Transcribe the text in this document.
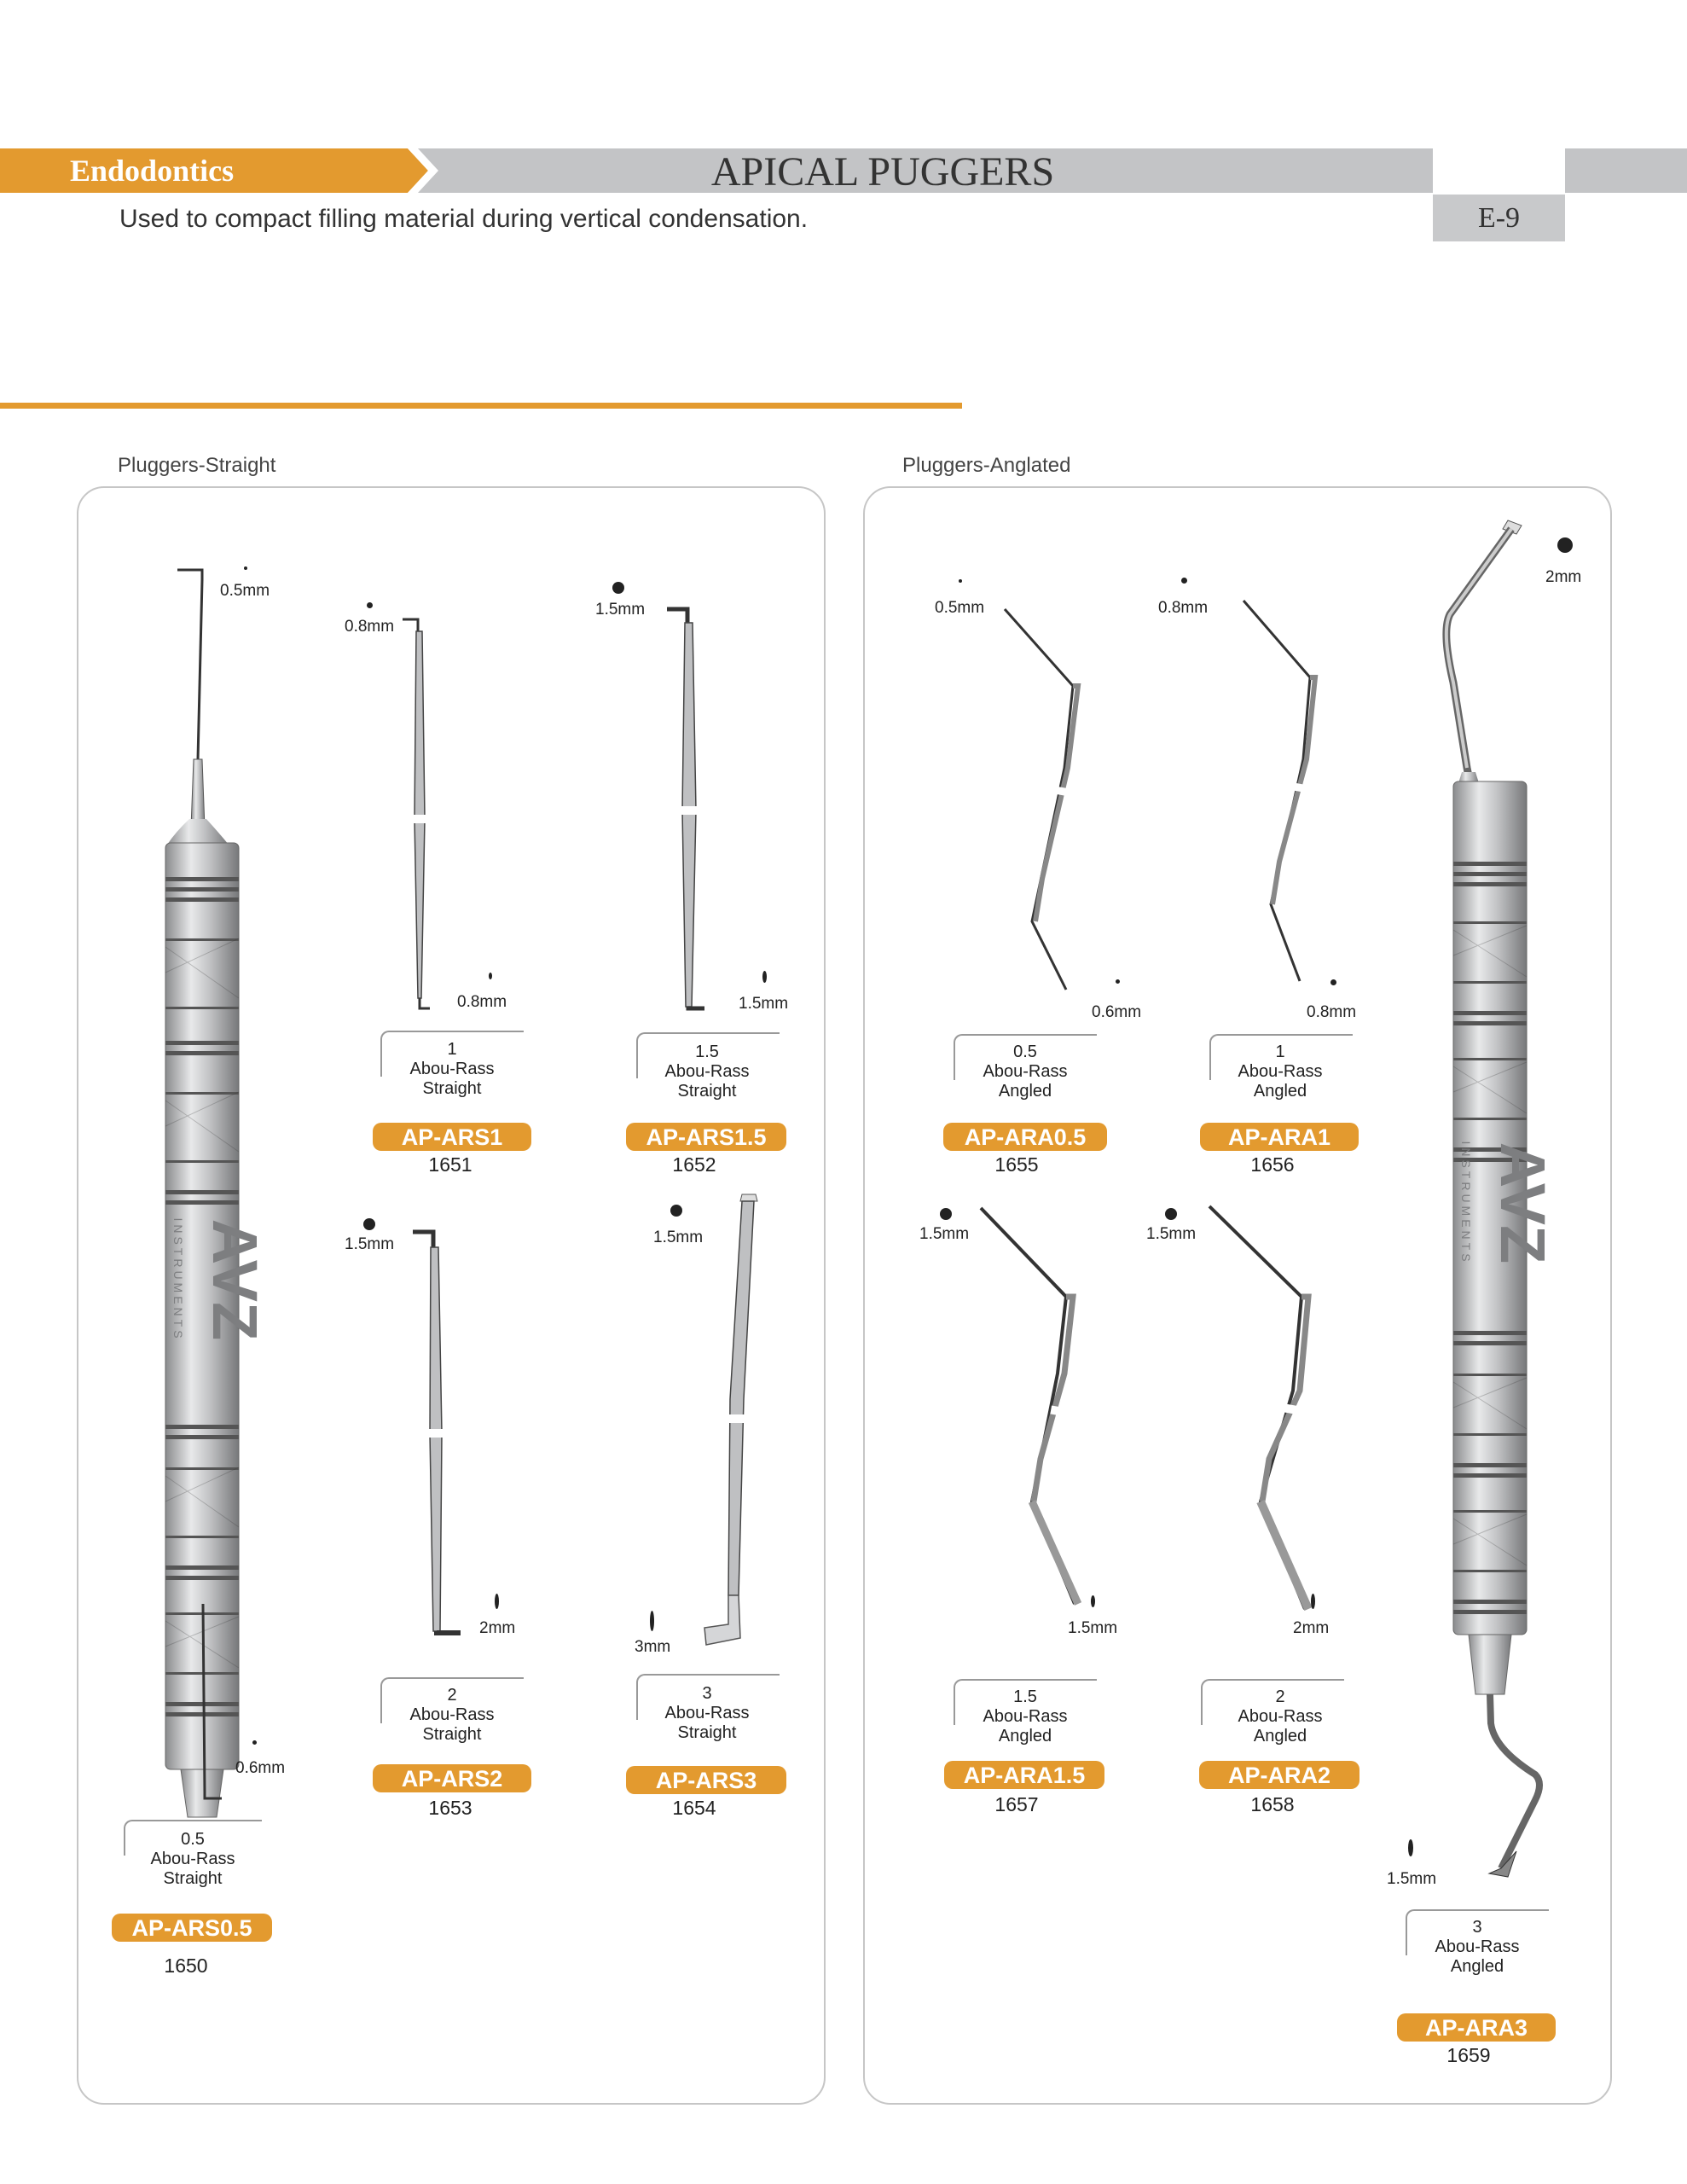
Endodontics	APICAL PUGGERS
E-9
Used to compact filling material during vertical condensation.
Pluggers-Straight	Pluggers-Anglated
AVZ
INSTRUMENTS
0.5mm
0.6mm
0.5
Abou-Rass
Straight
AP-ARS0.5
1650
0.8mm
0.8mm
1
Abou-Rass
Straight
AP-ARS1
1651
1.5mm
1.5mm
1.5
Abou-Rass
Straight
AP-ARS1.5
1652
1.5mm
2mm
2
Abou-Rass
Straight
AP-ARS2
1653
1.5mm
3mm
3
Abou-Rass
Straight
AP-ARS3
1654
0.5mm
0.6mm
0.5
Abou-Rass
Angled
AP-ARA0.5
1655
0.8mm
0.8mm
1
Abou-Rass
Angled
AP-ARA1
1656
1.5mm
1.5mm
1.5
Abou-Rass
Angled
AP-ARA1.5
1657
1.5mm
2mm
2
Abou-Rass
Angled
AP-ARA2
1658
AVZ
INSTRUMENTS
2mm
1.5mm
3
Abou-Rass
Angled
AP-ARA3
1659
